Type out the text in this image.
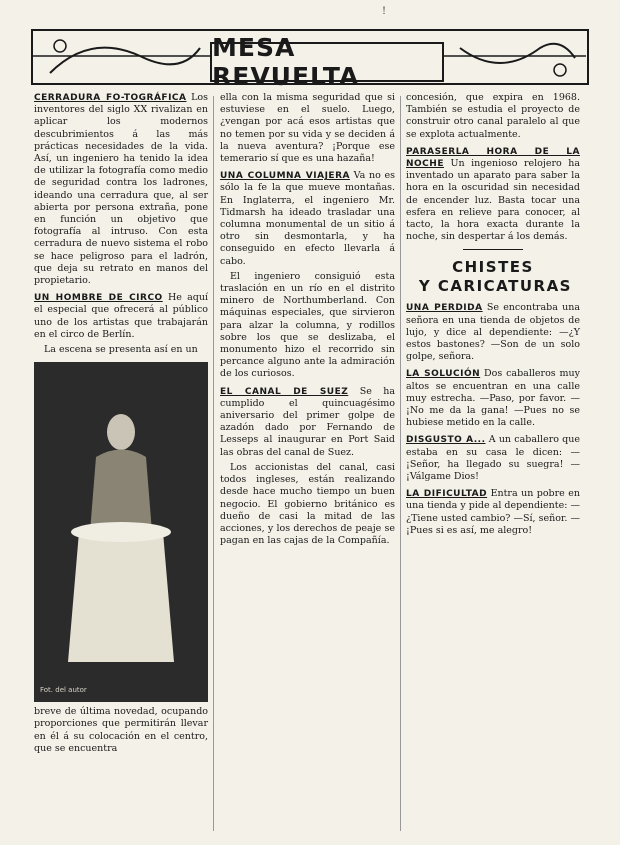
!
MESA REVUELTA

CERRADURA FO-TOGRÁFICA Los inventores del siglo XX rivalizan en aplicar los modernos descubrimientos á las más prácticas necesidades de la vida. Así, un ingeniero ha tenido la idea de utilizar la fotografía como medio de seguridad contra los ladrones, ideando una cerradura que, al ser abierta por persona extraña, pone en función un objetivo que fotografía al intruso. Con esta cerradura de nuevo sistema el robo se hace peligroso para el ladrón, que deja su retrato en manos del propietario.

UN HOMBRE DE CIRCO He aquí el especial que ofrecerá al público uno de los artistas que trabajarán en el circo de Berlín.

La escena se presenta así en un

Fot. del autor

breve de última novedad, ocupando proporciones que permitirán llevar en él á su colocación en el centro, que se encuentra

ella con la misma seguridad que si estuviese en el suelo. Luego, ¿vengan por acá esos artistas que no temen por su vida y se deciden á la nueva aventura? ¡Porque ese temerario sí que es una hazaña!

UNA COLUMNA VIAJERA Va no es sólo la fe la que mueve montañas. En Inglaterra, el ingeniero Mr. Tidmarsh ha ideado trasladar una columna monumental de un sitio á otro sin desmontarla, y ha conseguido en efecto llevarla á cabo.

El ingeniero consiguió esta traslación en un río en el distrito minero de Northumberland. Con máquinas especiales, que sirvieron para alzar la columna, y rodillos sobre los que se deslizaba, el monumento hizo el recorrido sin percance alguno ante la admiración de los curiosos.

EL CANAL DE SUEZ Se ha cumplido el quincuagésimo aniversario del primer golpe de azadón dado por Fernando de Lesseps al inaugurar en Port Said las obras del canal de Suez.

Los accionistas del canal, casi todos ingleses, están realizando desde hace mucho tiempo un buen negocio. El gobierno británico es dueño de casi la mitad de las acciones, y los derechos de peaje se pagan en las cajas de la Compañía.

concesión, que expira en 1968. También se estudia el proyecto de construir otro canal paralelo al que se explota actualmente.

PARASERLA HORA DE LA NOCHE Un ingenioso relojero ha inventado un aparato para saber la hora en la oscuridad sin necesidad de encender luz. Basta tocar una esfera en relieve para conocer, al tacto, la hora exacta durante la noche, sin despertar á los demás.

CHISTES
Y CARICATURAS

UNA PERDIDA Se encontraba una señora en una tienda de objetos de lujo, y dice al dependiente: —¿Y estos bastones? —Son de un solo golpe, señora.

LA SOLUCIÓN Dos caballeros muy altos se encuentran en una calle muy estrecha. —Paso, por favor. —¡No me da la gana! —Pues no se hubiese metido en la calle.

DISGUSTO A... A un caballero que estaba en su casa le dicen: —¡Señor, ha llegado su suegra! —¡Válgame Dios!

LA DIFICULTAD Entra un pobre en una tienda y pide al dependiente: —¿Tiene usted cambio? —Sí, señor. —¡Pues si es así, me alegro!
